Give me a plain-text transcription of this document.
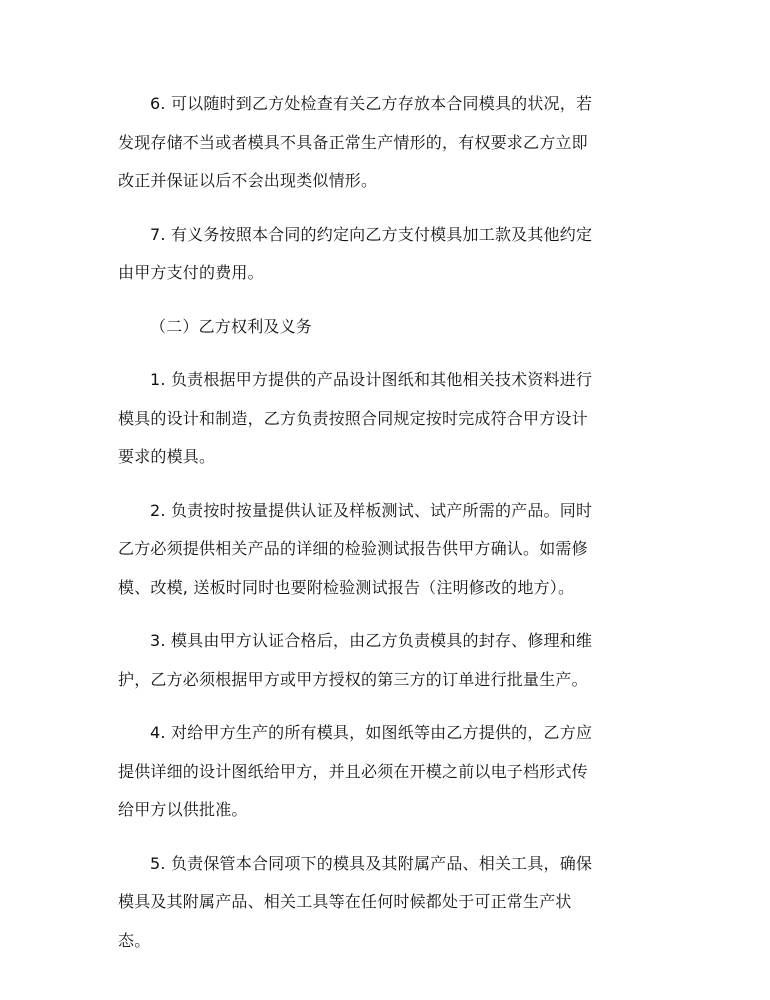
6. 可以随时到乙方处检查有关乙方存放本合同模具的状况，若
发现存储不当或者模具不具备正常生产情形的，有权要求乙方立即
改正并保证以后不会出现类似情形。
7. 有义务按照本合同的约定向乙方支付模具加工款及其他约定
由甲方支付的费用。
（二）乙方权利及义务
1. 负责根据甲方提供的产品设计图纸和其他相关技术资料进行
模具的设计和制造，乙方负责按照合同规定按时完成符合甲方设计
要求的模具。
2. 负责按时按量提供认证及样板测试、试产所需的产品。同时
乙方必须提供相关产品的详细的检验测试报告供甲方确认。如需修
模、改模, 送板时同时也要附检验测试报告（注明修改的地方）。
3. 模具由甲方认证合格后，由乙方负责模具的封存、修理和维
护，乙方必须根据甲方或甲方授权的第三方的订单进行批量生产。
4. 对给甲方生产的所有模具，如图纸等由乙方提供的，乙方应
提供详细的设计图纸给甲方，并且必须在开模之前以电子档形式传
给甲方以供批准。
5. 负责保管本合同项下的模具及其附属产品、相关工具，确保
模具及其附属产品、相关工具等在任何时候都处于可正常生产状
态。
